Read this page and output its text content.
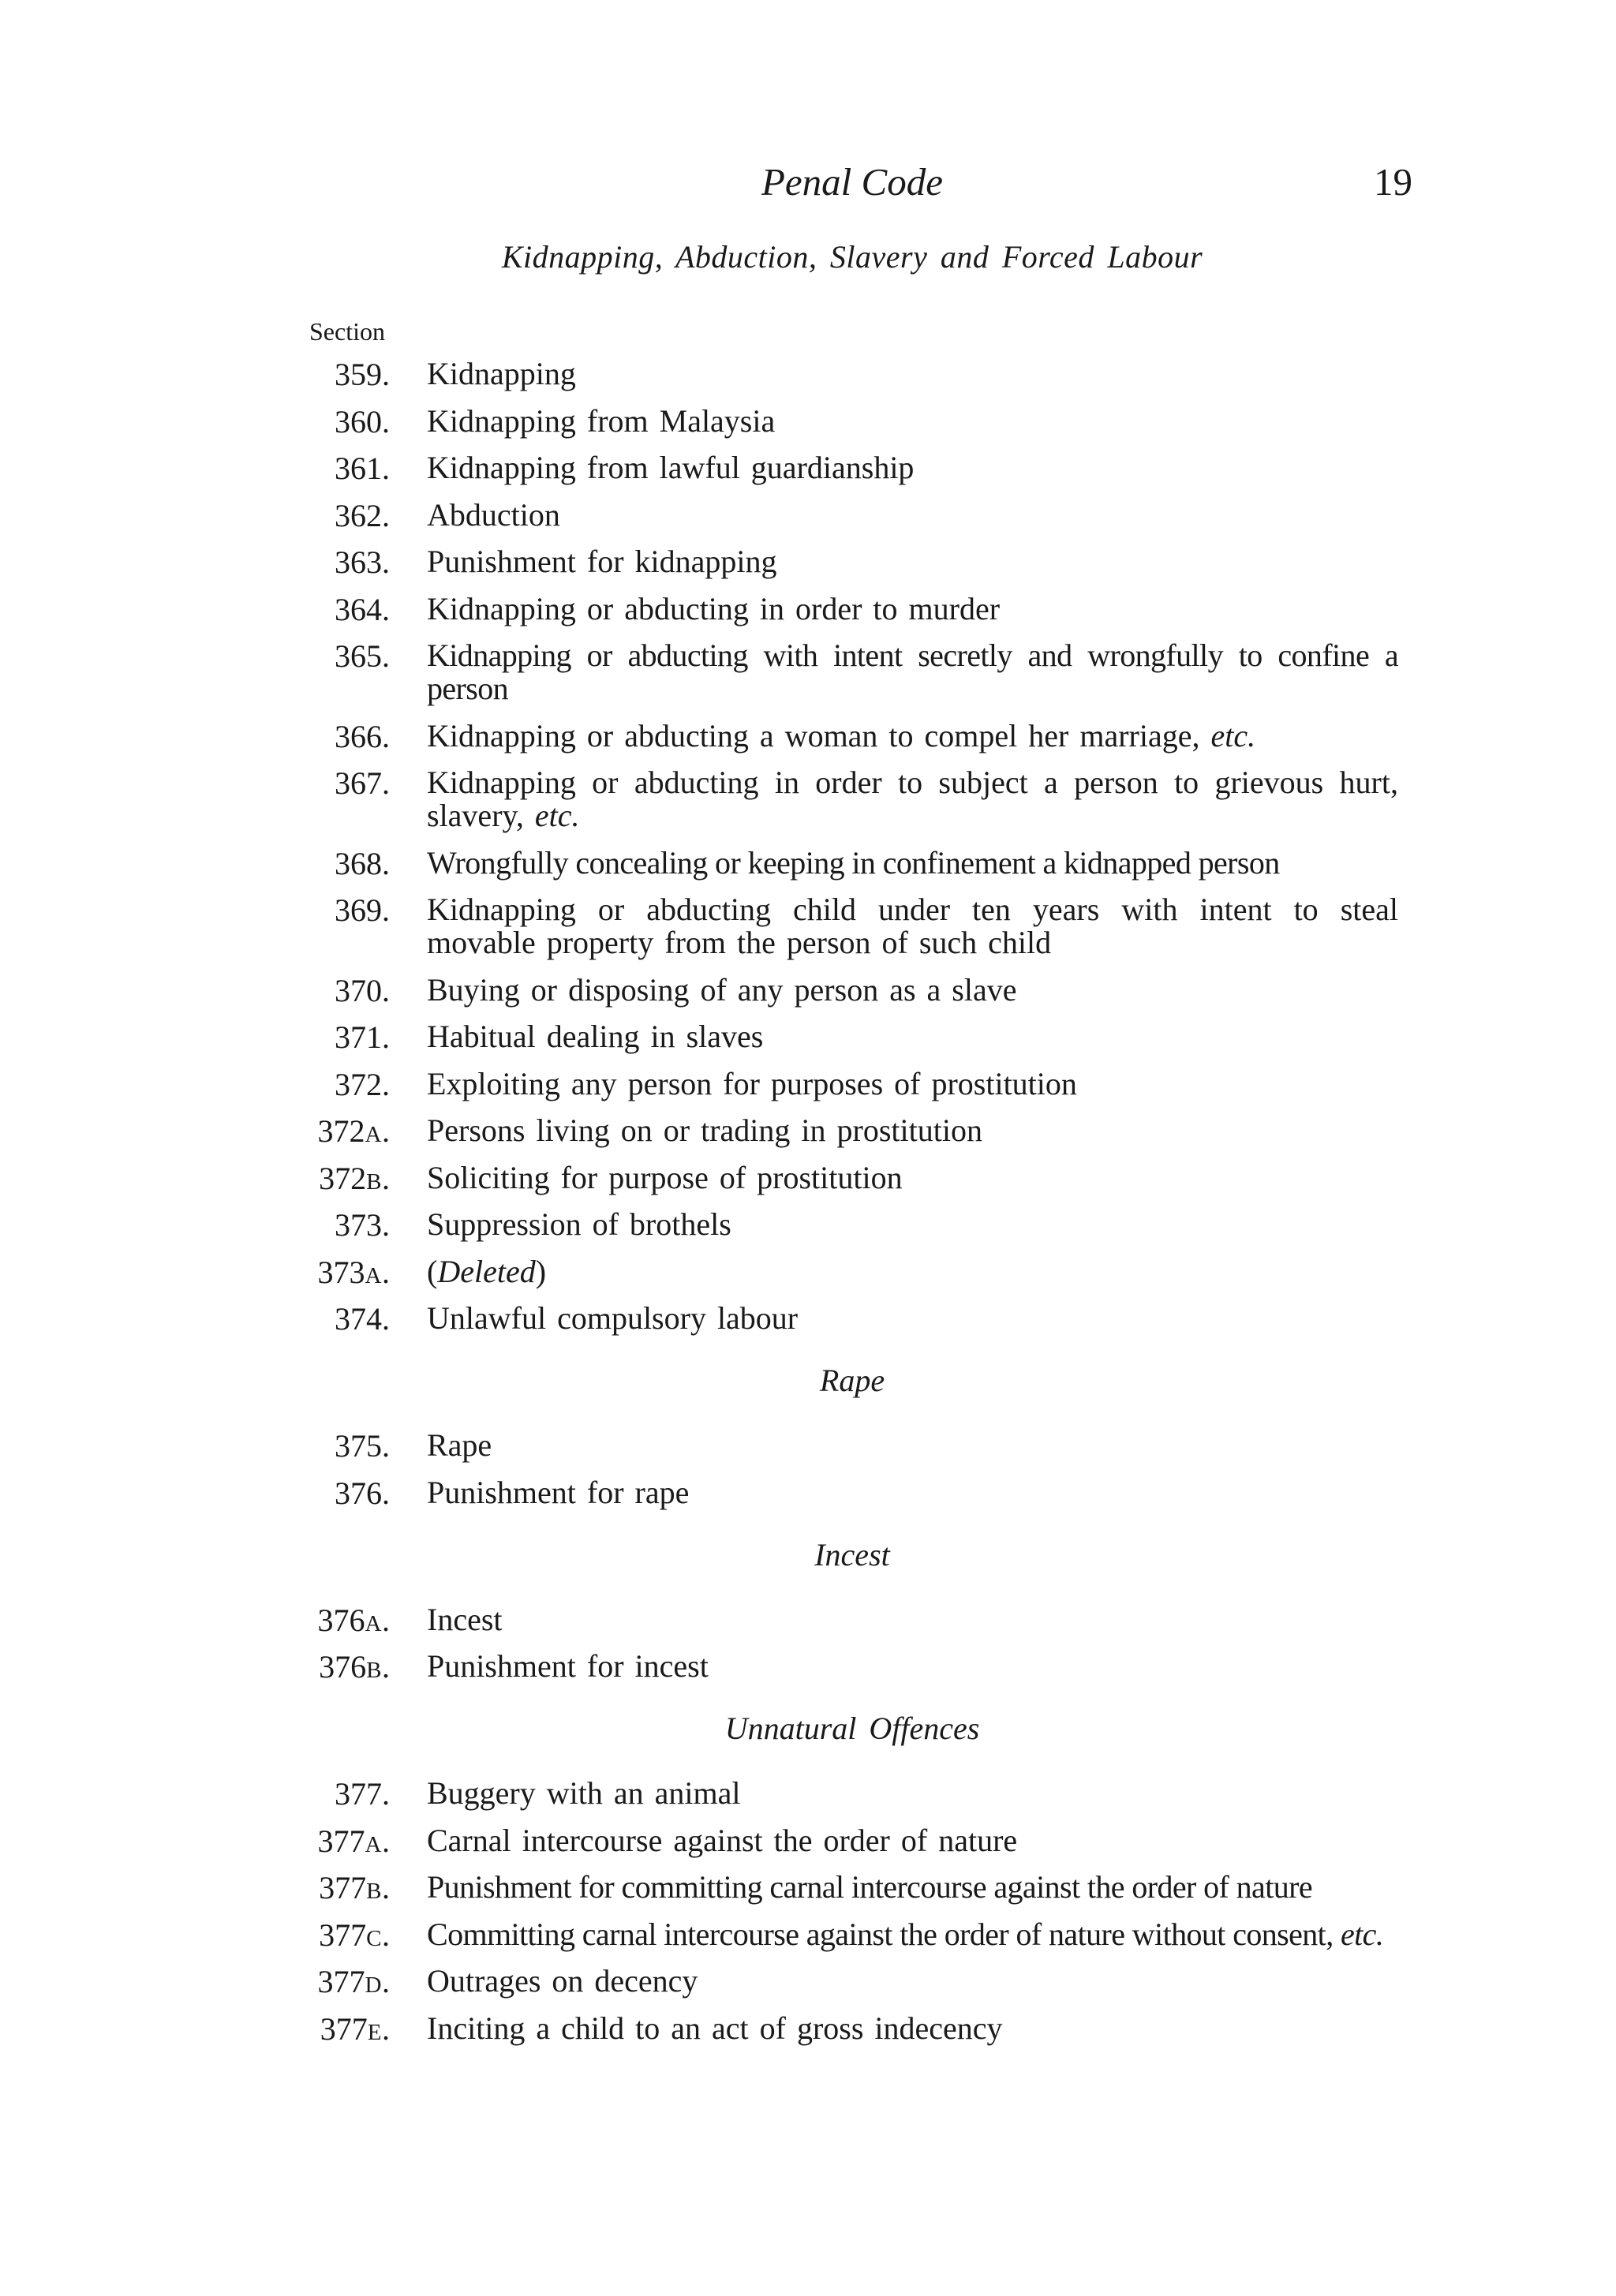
Penal Code	19
Kidnapping, Abduction, Slavery and Forced Labour
Section
359. Kidnapping
360. Kidnapping from Malaysia
361. Kidnapping from lawful guardianship
362. Abduction
363. Punishment for kidnapping
364. Kidnapping or abducting in order to murder
365. Kidnapping or abducting with intent secretly and wrongfully to confine a person
366. Kidnapping or abducting a woman to compel her marriage, etc.
367. Kidnapping or abducting in order to subject a person to grievous hurt, slavery, etc.
368. Wrongfully concealing or keeping in confinement a kidnapped person
369. Kidnapping or abducting child under ten years with intent to steal movable property from the person of such child
370. Buying or disposing of any person as a slave
371. Habitual dealing in slaves
372. Exploiting any person for purposes of prostitution
372A. Persons living on or trading in prostitution
372B. Soliciting for purpose of prostitution
373. Suppression of brothels
373A. (Deleted)
374. Unlawful compulsory labour
Rape
375. Rape
376. Punishment for rape
Incest
376A. Incest
376B. Punishment for incest
Unnatural Offences
377. Buggery with an animal
377A. Carnal intercourse against the order of nature
377B. Punishment for committing carnal intercourse against the order of nature
377C. Committing carnal intercourse against the order of nature without consent, etc.
377D. Outrages on decency
377E. Inciting a child to an act of gross indecency
